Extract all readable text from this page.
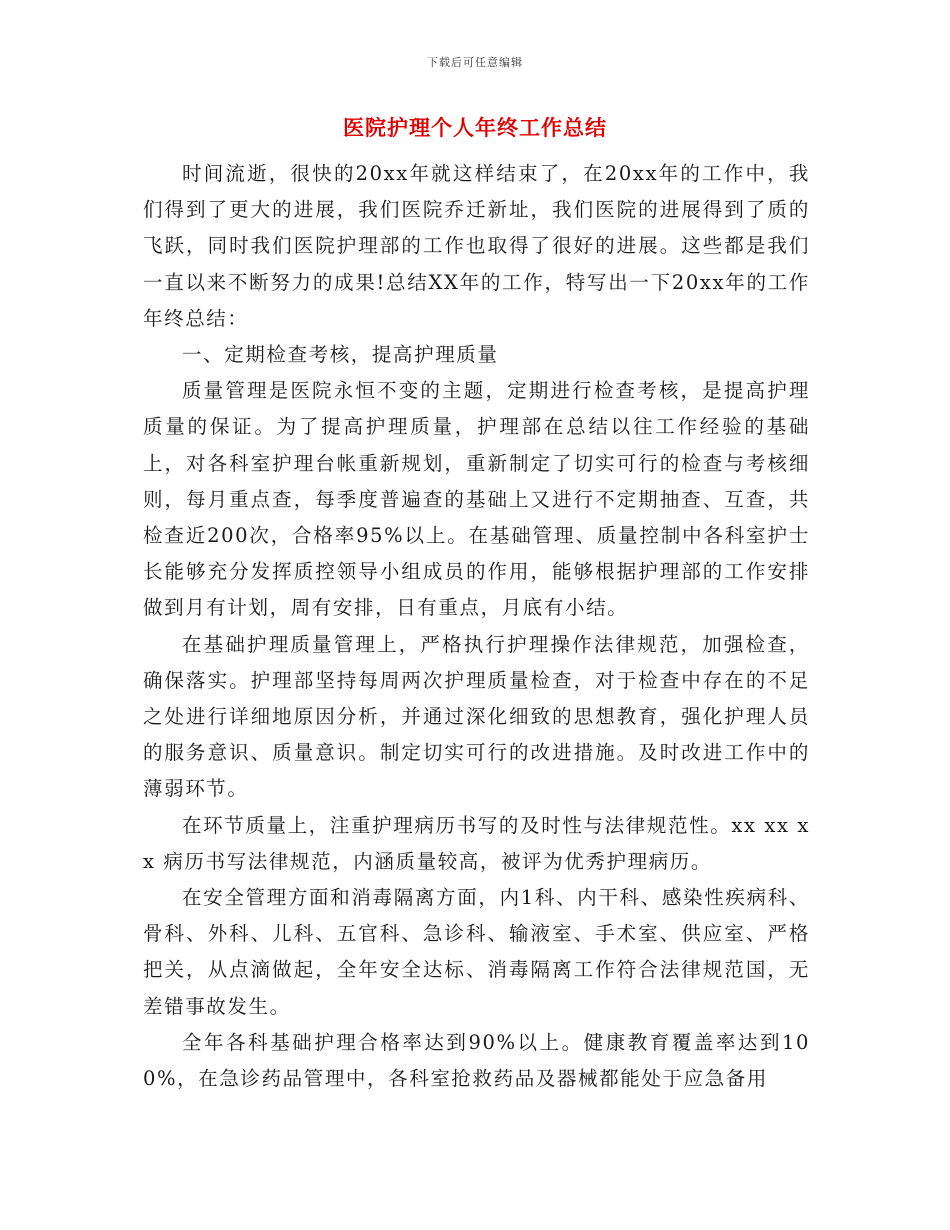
下载后可任意编辑
医院护理个人年终工作总结

时间流逝，很快的20xx年就这样结束了，在20xx年的工作中，我们得到了更大的进展，我们医院乔迁新址，我们医院的进展得到了质的飞跃，同时我们医院护理部的工作也取得了很好的进展。这些都是我们一直以来不断努力的成果!总结XX年的工作，特写出一下20xx年的工作年终总结：

一、定期检查考核，提高护理质量

质量管理是医院永恒不变的主题，定期进行检查考核，是提高护理质量的保证。为了提高护理质量，护理部在总结以往工作经验的基础上，对各科室护理台帐重新规划，重新制定了切实可行的检查与考核细则，每月重点查，每季度普遍查的基础上又进行不定期抽查、互查，共检查近200次，合格率95%以上。在基础管理、质量控制中各科室护士长能够充分发挥质控领导小组成员的作用，能够根据护理部的工作安排做到月有计划，周有安排，日有重点，月底有小结。

在基础护理质量管理上，严格执行护理操作法律规范，加强检查，确保落实。护理部坚持每周两次护理质量检查，对于检查中存在的不足之处进行详细地原因分析，并通过深化细致的思想教育，强化护理人员的服务意识、质量意识。制定切实可行的改进措施。及时改进工作中的薄弱环节。

在环节质量上，注重护理病历书写的及时性与法律规范性。xx xx xx 病历书写法律规范，内涵质量较高，被评为优秀护理病历。

在安全管理方面和消毒隔离方面，内1科、内干科、感染性疾病科、骨科、外科、儿科、五官科、急诊科、输液室、手术室、供应室、严格把关，从点滴做起，全年安全达标、消毒隔离工作符合法律规范国，无差错事故发生。

全年各科基础护理合格率达到90%以上。健康教育覆盖率达到100%，在急诊药品管理中，各科室抢救药品及器械都能处于应急备用
